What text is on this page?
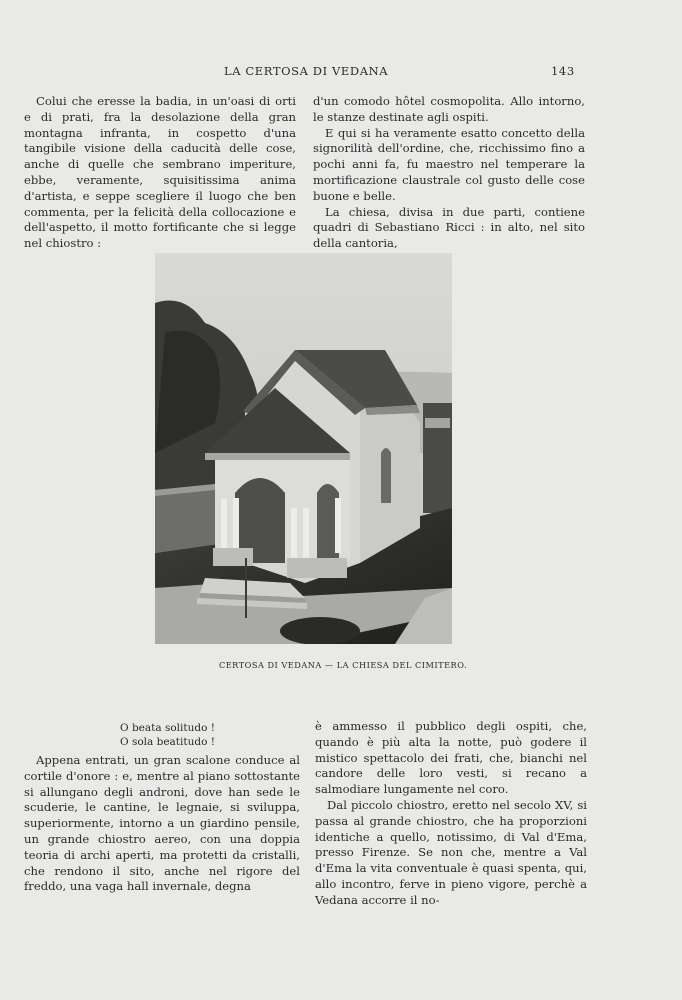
LA CERTOSA DI VEDANA	143

Colui che eresse la badia, in un'oasi di orti e di prati, fra la desolazione della gran montagna infranta, in cospetto d'una tangibile visione della caducità delle cose, anche di quelle che sembrano imperiture, ebbe, veramente, squisitissima anima d'artista, e seppe scegliere il luogo che ben commenta, per la felicità della collocazione e dell'aspetto, il motto fortificante che si legge nel chiostro :

d'un comodo hôtel cosmopolita. Allo intorno, le stanze destinate agli ospiti.

E qui si ha veramente esatto concetto della signorilità dell'ordine, che, ricchissimo fino a pochi anni fa, fu maestro nel temperare la mortificazione claustrale col gusto delle cose buone e belle.

La chiesa, divisa in due parti, contiene quadri di Sebastiano Ricci : in alto, nel sito della cantoria,

CERTOSA DI VEDANA — LA CHIESA DEL CIMITERO.
O beata solitudo !
O sola beatitudo !

Appena entrati, un gran scalone conduce al cortile d'onore : e, mentre al piano sottostante si allungano degli androni, dove han sede le scuderie, le cantine, le legnaie, si sviluppa, superiormente, intorno a un giardino pensile, un grande chiostro aereo, con una doppia teoria di archi aperti, ma protetti da cristalli, che rendono il sito, anche nel rigore del freddo, una vaga hall invernale, degna

è ammesso il pubblico degli ospiti, che, quando è più alta la notte, può godere il mistico spettacolo dei frati, che, bianchi nel candore delle loro vesti, si recano a salmodiare lungamente nel coro.

Dal piccolo chiostro, eretto nel secolo XV, si passa al grande chiostro, che ha proporzioni identiche a quello, notissimo, di Val d'Ema, presso Firenze. Se non che, mentre a Val d'Ema la vita conventuale è quasi spenta, qui, allo incontro, ferve in pieno vigore, perchè a Vedana accorre il no-
